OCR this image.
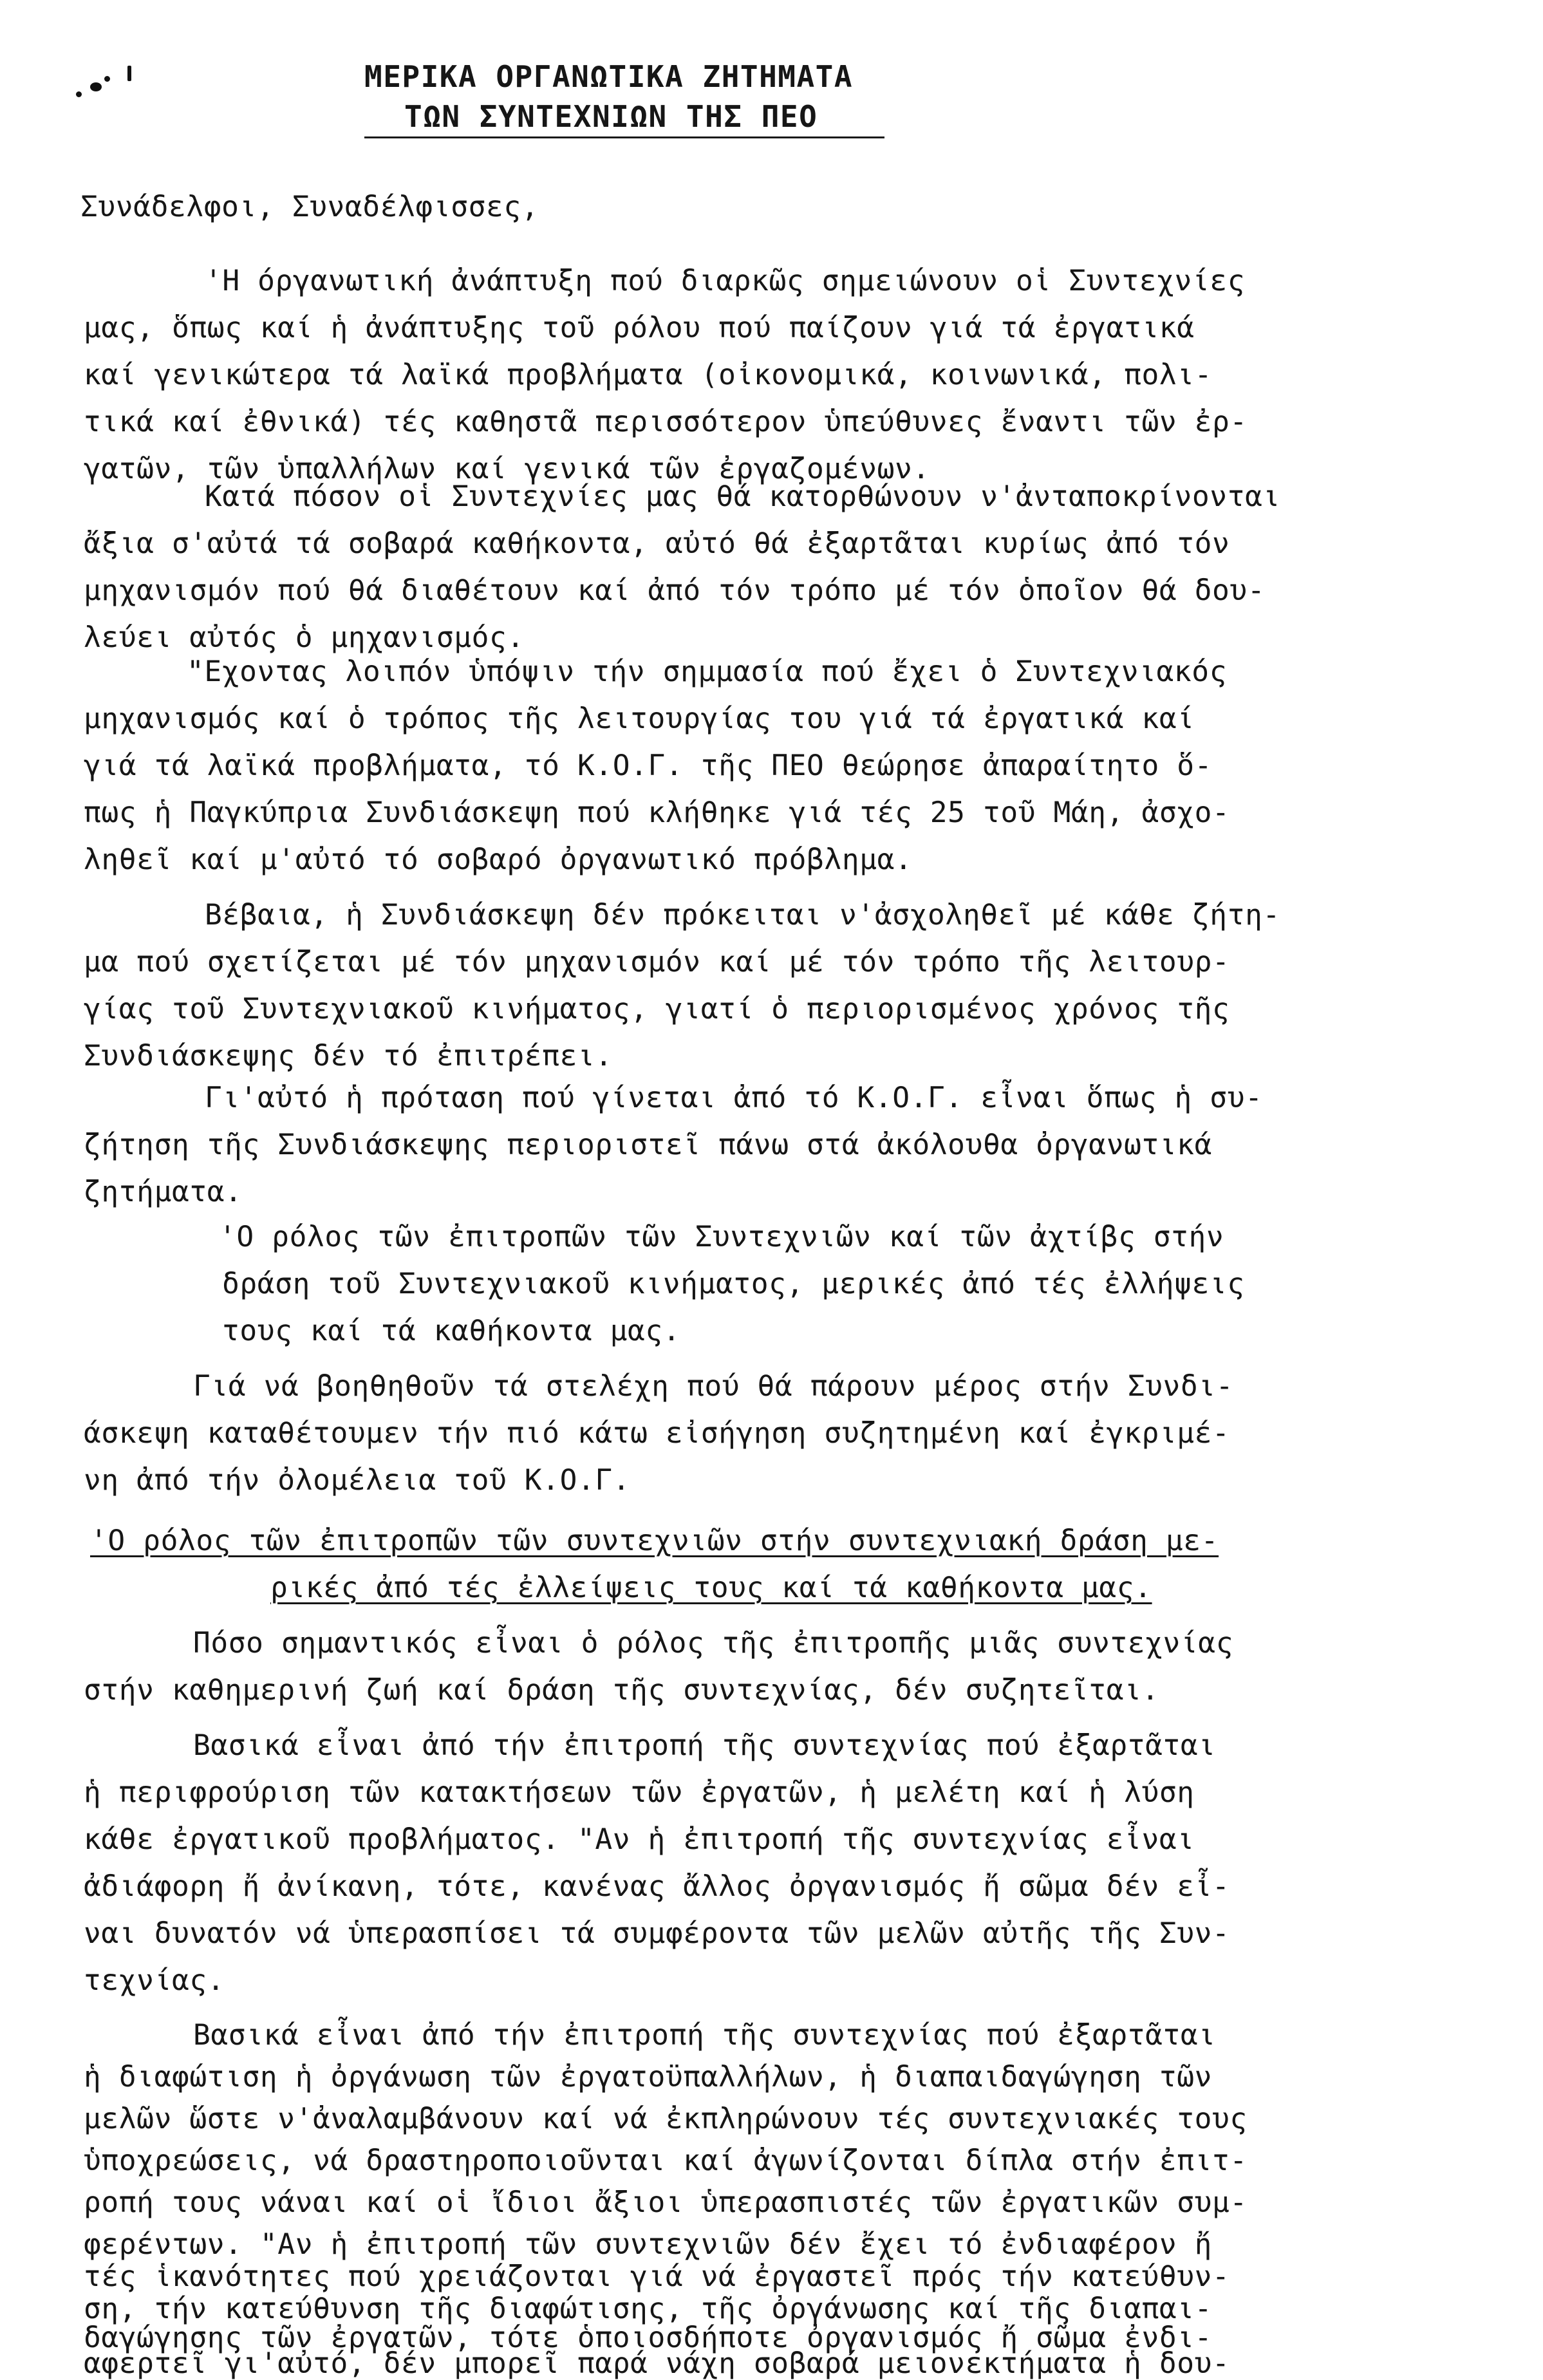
ΜΕΡΙΚΑ ΟΡΓΑΝΩΤΙΚΑ ΖΗΤΗΜΑΤΑ
ΤΩΝ ΣΥΝΤΕΧΝΙΩΝ ΤΗΣ ΠΕΟ
Συνάδελφοι, Συναδέλφισσες,
'Η όργανωτική ἀνάπτυξη πού διαρκῶς σημειώνουν οἱ Συντεχνίες
μας, ὅπως καί ἡ ἀνάπτυξης τοῦ ρόλου πού παίζουν γιά τά ἐργατικά
καί γενικώτερα τά λαϊκά προβλήματα (οἰκονομικά, κοινωνικά, πολι-
τικά καί ἐθνικά) τές καθηστᾶ περισσότερον ὑπεύθυνες ἔναντι τῶν ἐρ-
γατῶν, τῶν ὑπαλλήλων καί γενικά τῶν ἐργαζομένων.
Κατά πόσον οἱ Συντεχνίες μας θά κατορθώνουν ν'ἀνταποκρίνονται
ἄξια σ'αὐτά τά σοβαρά καθήκοντα, αὐτό θά ἐξαρτᾶται κυρίως ἀπό τόν
μηχανισμόν πού θά διαθέτουν καί ἀπό τόν τρόπο μέ τόν ὁποῖον θά δου-
λεύει αὐτός ὁ μηχανισμός.
"Εχοντας λοιπόν ὑπόψιν τήν σημμασία πού ἔχει ὁ Συντεχνιακός
μηχανισμός καί ὁ τρόπος τῆς λειτουργίας του γιά τά ἐργατικά καί
γιά τά λαϊκά προβλήματα, τό Κ.Ο.Γ. τῆς ΠΕΟ θεώρησε ἀπαραίτητο ὅ-
πως ἡ Παγκύπρια Συνδιάσκεψη πού κλήθηκε γιά τές 25 τοῦ Μάη, ἀσχο-
ληθεῖ καί μ'αὐτό τό σοβαρό ὀργανωτικό πρόβλημα.
Βέβαια, ἡ Συνδιάσκεψη δέν πρόκειται ν'ἀσχοληθεῖ μέ κάθε ζήτη-
μα πού σχετίζεται μέ τόν μηχανισμόν καί μέ τόν τρόπο τῆς λειτουρ-
γίας τοῦ Συντεχνιακοῦ κινήματος, γιατί ὁ περιορισμένος χρόνος τῆς
Συνδιάσκεψης δέν τό ἐπιτρέπει.
Γι'αὐτό ἡ πρόταση πού γίνεται ἀπό τό Κ.Ο.Γ. εἶναι ὅπως ἡ συ-
ζήτηση τῆς Συνδιάσκεψης περιοριστεῖ πάνω στά ἀκόλουθα ὀργανωτικά
ζητήματα.
'Ο ρόλος τῶν ἐπιτροπῶν τῶν Συντεχνιῶν καί τῶν ἀχτίβς στήν
δράση τοῦ Συντεχνιακοῦ κινήματος, μερικές ἀπό τές ἐλλήψεις
τους καί τά καθήκοντα μας.
Γιά νά βοηθηθοῦν τά στελέχη πού θά πάρουν μέρος στήν Συνδι-
άσκεψη καταθέτουμεν τήν πιό κάτω εἰσήγηση συζητημένη καί ἐγκριμέ-
νη ἀπό τήν ὀλομέλεια τοῦ Κ.Ο.Γ.
'Ο ρόλος τῶν ἐπιτροπῶν τῶν συντεχνιῶν στήν συντεχνιακή δράση με-
ρικές ἀπό τές ἐλλείψεις τους καί τά καθήκοντα μας.
Πόσο σημαντικός εἶναι ὁ ρόλος τῆς ἐπιτροπῆς μιᾶς συντεχνίας
στήν καθημερινή ζωή καί δράση τῆς συντεχνίας, δέν συζητεῖται.
Βασικά εἶναι ἀπό τήν ἐπιτροπή τῆς συντεχνίας πού ἐξαρτᾶται
ἡ περιφρούριση τῶν κατακτήσεων τῶν ἐργατῶν, ἡ μελέτη καί ἡ λύση
κάθε ἐργατικοῦ προβλήματος. "Αν ἡ ἐπιτροπή τῆς συντεχνίας εἶναι
ἀδιάφορη ἤ ἀνίκανη, τότε, κανένας ἄλλος ὀργανισμός ἤ σῶμα δέν εἶ-
ναι δυνατόν νά ὑπερασπίσει τά συμφέροντα τῶν μελῶν αὐτῆς τῆς Συν-
τεχνίας.
Βασικά εἶναι ἀπό τήν ἐπιτροπή τῆς συντεχνίας πού ἐξαρτᾶται
ἡ διαφώτιση ἡ ὀργάνωση τῶν ἐργατοϋπαλλήλων, ἡ διαπαιδαγώγηση τῶν
μελῶν ὥστε ν'ἀναλαμβάνουν καί νά ἐκπληρώνουν τές συντεχνιακές τους
ὑποχρεώσεις, νά δραστηροποιοῦνται καί ἀγωνίζονται δίπλα στήν ἐπιτ-
ροπή τους νάναι καί οἱ ἴδιοι ἄξιοι ὑπερασπιστές τῶν ἐργατικῶν συμ-
φερέντων. "Αν ἡ ἐπιτροπή τῶν συντεχνιῶν δέν ἔχει τό ἐνδιαφέρον ἤ
τές ἱκανότητες πού χρειάζονται γιά νά ἐργαστεῖ πρός τήν κατεύθυν-
ση, τήν κατεύθυνση τῆς διαφώτισης, τῆς ὀργάνωσης καί τῆς διαπαι-
δαγώγησης τῶν ἐργατῶν, τότε ὁποιοσδήποτε ὀργανισμός ἤ σῶμα ἐνδι-
αφερτεῖ γι'αὐτό, δέν μπορεῖ παρά νάχη σοβαρά μειονεκτήματα ἡ δου-
